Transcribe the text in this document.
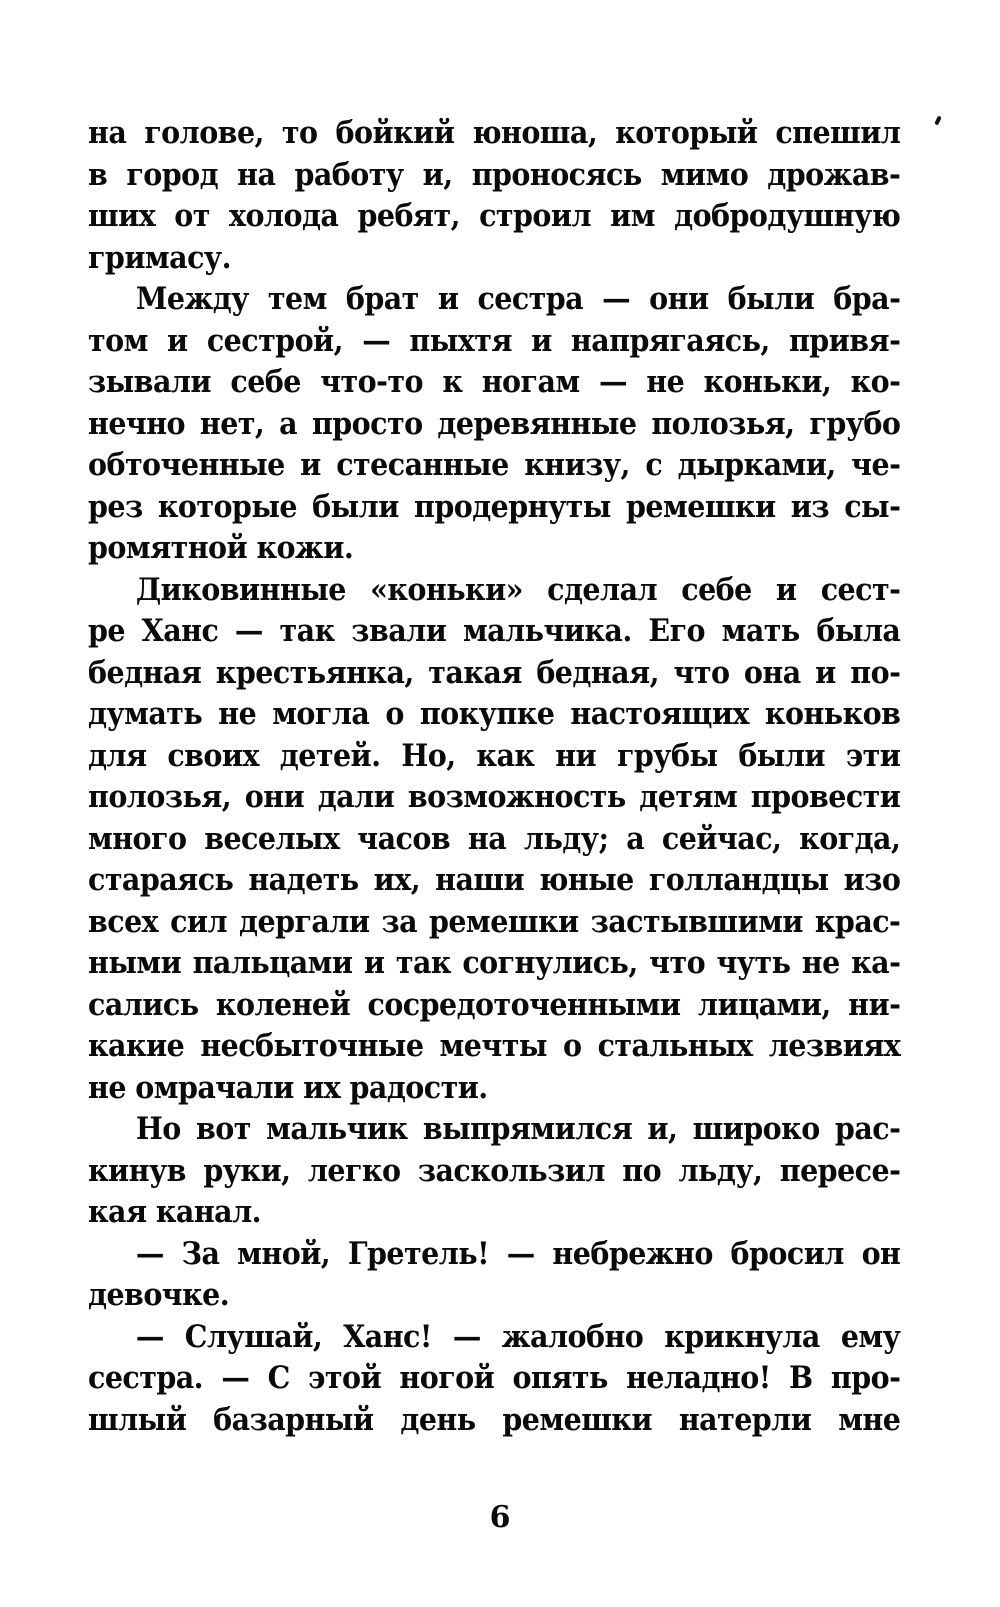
на голове, то бойкий юноша, который спешил
в город на работу и, проносясь мимо дрожав-
ших от холода ребят, строил им добродушную
гримасу.
Между тем брат и сестра — они были бра-
том и сестрой, — пыхтя и напрягаясь, привя-
зывали себе что-то к ногам — не коньки, ко-
нечно нет, а просто деревянные полозья, грубо
обточенные и стесанные книзу, с дырками, че-
рез которые были продернуты ремешки из сы-
ромятной кожи.
Диковинные «коньки» сделал себе и сест-
ре Ханс — так звали мальчика. Его мать была
бедная крестьянка, такая бедная, что она и по-
думать не могла о покупке настоящих коньков
для своих детей. Но, как ни грубы были эти
полозья, они дали возможность детям провести
много веселых часов на льду; а сейчас, когда,
стараясь надеть их, наши юные голландцы изо
всех сил дергали за ремешки застывшими крас-
ными пальцами и так согнулись, что чуть не ка-
сались коленей сосредоточенными лицами, ни-
какие несбыточные мечты о стальных лезвиях
не омрачали их радости.
Но вот мальчик выпрямился и, широко рас-
кинув руки, легко заскользил по льду, пересе-
кая канал.
— За мной, Гретель! — небрежно бросил он
девочке.
— Слушай, Ханс! — жалобно крикнула ему
сестра. — С этой ногой опять неладно! В про-
шлый базарный день ремешки натерли мне
6
